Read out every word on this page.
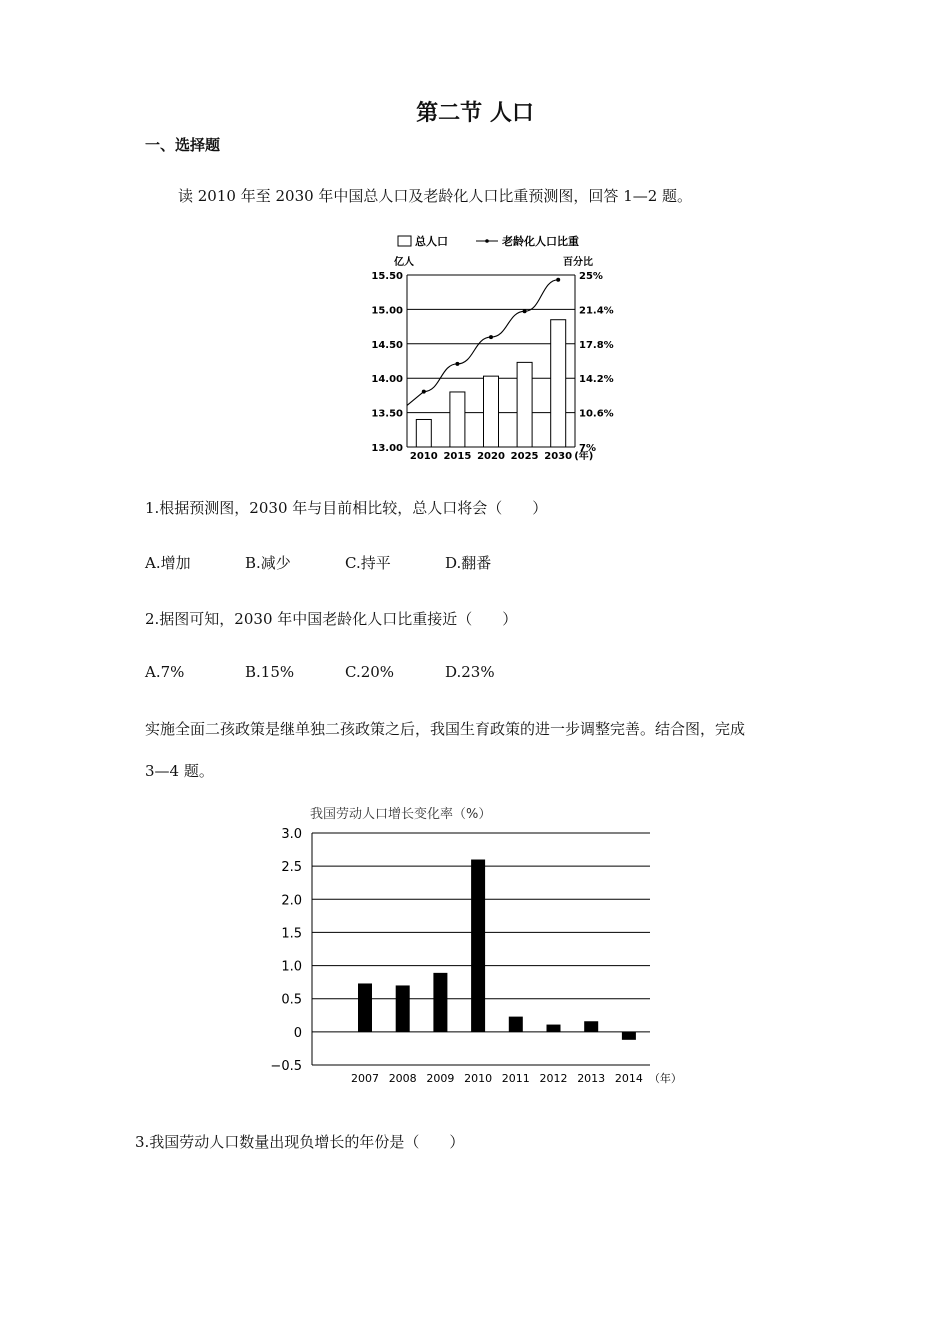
第二节 人口
一、选择题
读 2010 年至 2030 年中国总人口及老龄化人口比重预测图，回答 1—2 题。
总人口	老龄化人口比重
亿人	百分比
13.00
13.50
14.00
14.50
15.00
15.50
7%
10.6%
14.2%
17.8%
21.4%
25%
2010 2015 2020 2025 2030 (年)
1.根据预测图，2030 年与目前相比较，总人口将会（　　）
A.增加	B.减少	C.持平	D.翻番
2.据图可知，2030 年中国老龄化人口比重接近（　　）
A.7%	B.15%	C.20%	D.23%
实施全面二孩政策是继单独二孩政策之后，我国生育政策的进一步调整完善。结合图，完成
3—4 题。
我国劳动人口增长变化率（%）
−0.5
0
0.5
1.0
1.5
2.0
2.5
3.0
2007 2008 2009 2010 2011 2012 2013 2014 （年）
3.我国劳动人口数量出现负增长的年份是（　　）
